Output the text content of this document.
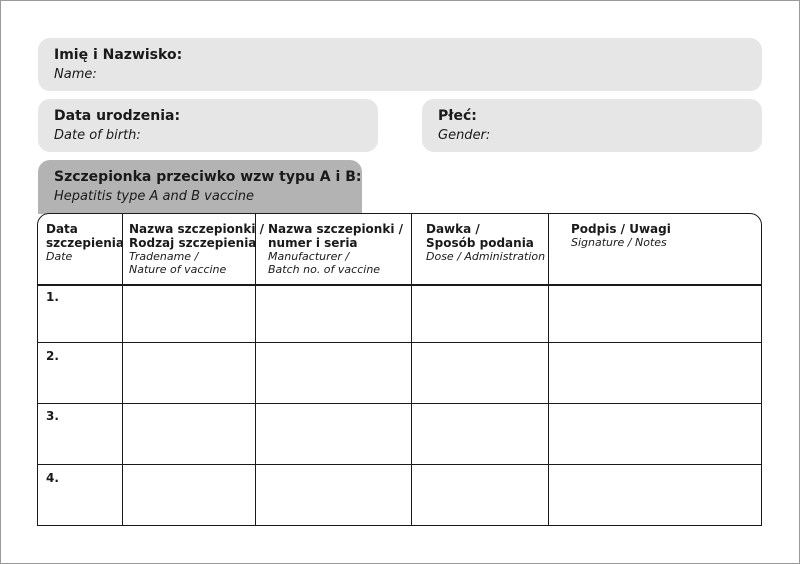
Imię i Nazwisko:
Name:
Data urodzenia:
Date of birth:
Płeć:
Gender:
Szczepionka przeciwko wzw typu A i B:
Hepatitis type A and B vaccine
Data
szczepienia
Date
Nazwa szczepionki /
Rodzaj szczepienia
Tradename /
Nature of vaccine
Nazwa szczepionki /
numer i seria
Manufacturer /
Batch no. of vaccine
Dawka /
Sposób podania
Dose / Administration
Podpis / Uwagi
Signature / Notes
1.
2.
3.
4.
